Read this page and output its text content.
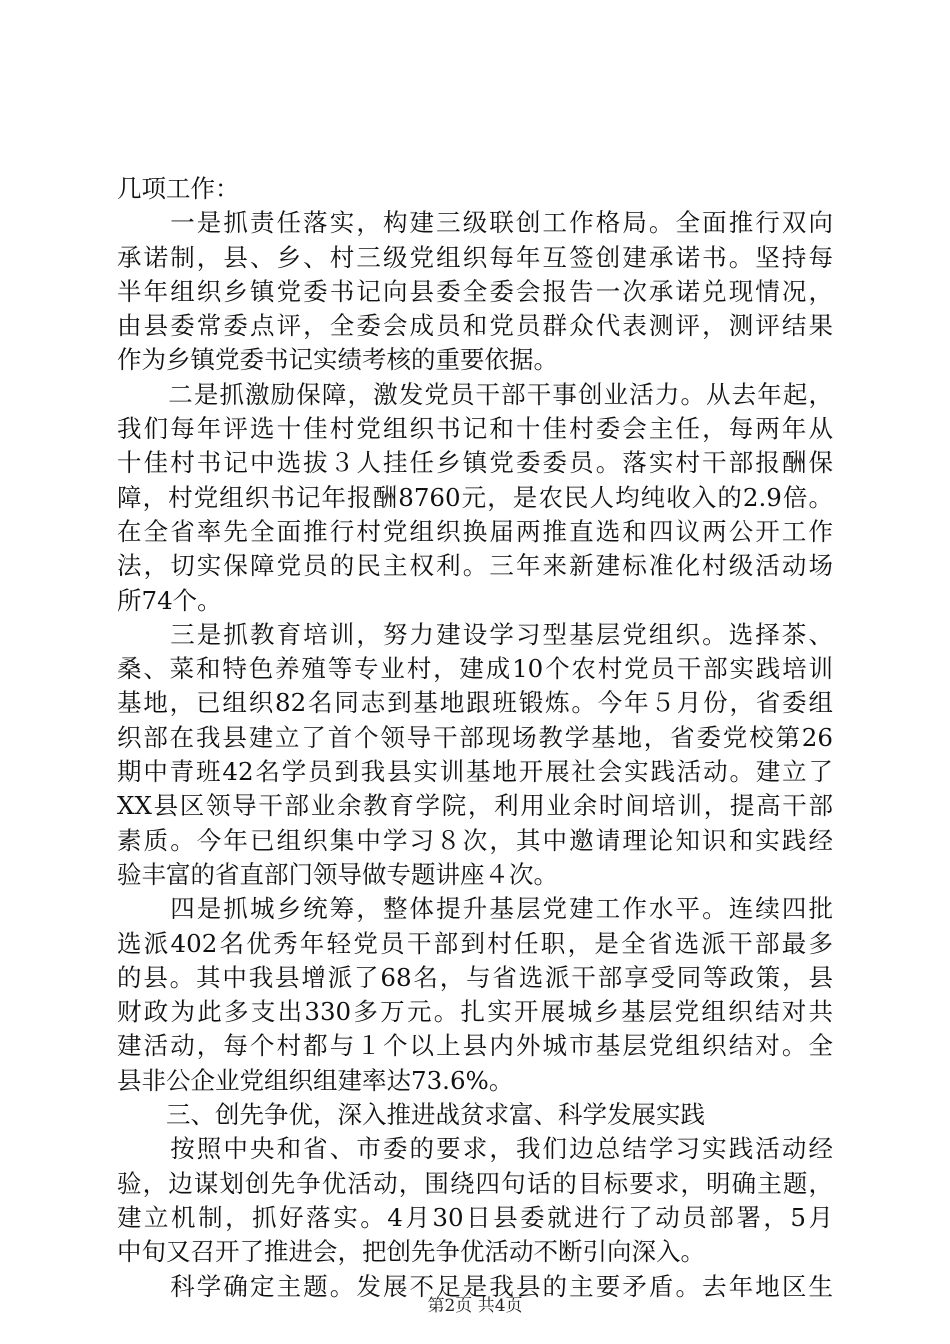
几项工作：
　　一是抓责任落实，构建三级联创工作格局。全面推行双向
承诺制，县、乡、村三级党组织每年互签创建承诺书。坚持每
半年组织乡镇党委书记向县委全委会报告一次承诺兑现情况，
由县委常委点评，全委会成员和党员群众代表测评，测评结果
作为乡镇党委书记实绩考核的重要依据。
　　二是抓激励保障，激发党员干部干事创业活力。从去年起，
我们每年评选十佳村党组织书记和十佳村委会主任，每两年从
十佳村书记中选拔３人挂任乡镇党委委员。落实村干部报酬保
障，村党组织书记年报酬8760元，是农民人均纯收入的2.9倍。
在全省率先全面推行村党组织换届两推直选和四议两公开工作
法，切实保障党员的民主权利。三年来新建标准化村级活动场
所74个。
　　三是抓教育培训，努力建设学习型基层党组织。选择茶、
桑、菜和特色养殖等专业村，建成10个农村党员干部实践培训
基地，已组织82名同志到基地跟班锻炼。今年５月份，省委组
织部在我县建立了首个领导干部现场教学基地，省委党校第26
期中青班42名学员到我县实训基地开展社会实践活动。建立了
XX县区领导干部业余教育学院，利用业余时间培训，提高干部
素质。今年已组织集中学习８次，其中邀请理论知识和实践经
验丰富的省直部门领导做专题讲座４次。
　　四是抓城乡统筹，整体提升基层党建工作水平。连续四批
选派402名优秀年轻党员干部到村任职，是全省选派干部最多
的县。其中我县增派了68名，与省选派干部享受同等政策，县
财政为此多支出330多万元。扎实开展城乡基层党组织结对共
建活动，每个村都与１个以上县内外城市基层党组织结对。全
县非公企业党组织组建率达73.6%。
　　三、创先争优，深入推进战贫求富、科学发展实践
　　按照中央和省、市委的要求，我们边总结学习实践活动经
验，边谋划创先争优活动，围绕四句话的目标要求，明确主题，
建立机制，抓好落实。4月30日县委就进行了动员部署，5月
中旬又召开了推进会，把创先争优活动不断引向深入。
　　科学确定主题。发展不足是我县的主要矛盾。去年地区生
第2页 共4页
